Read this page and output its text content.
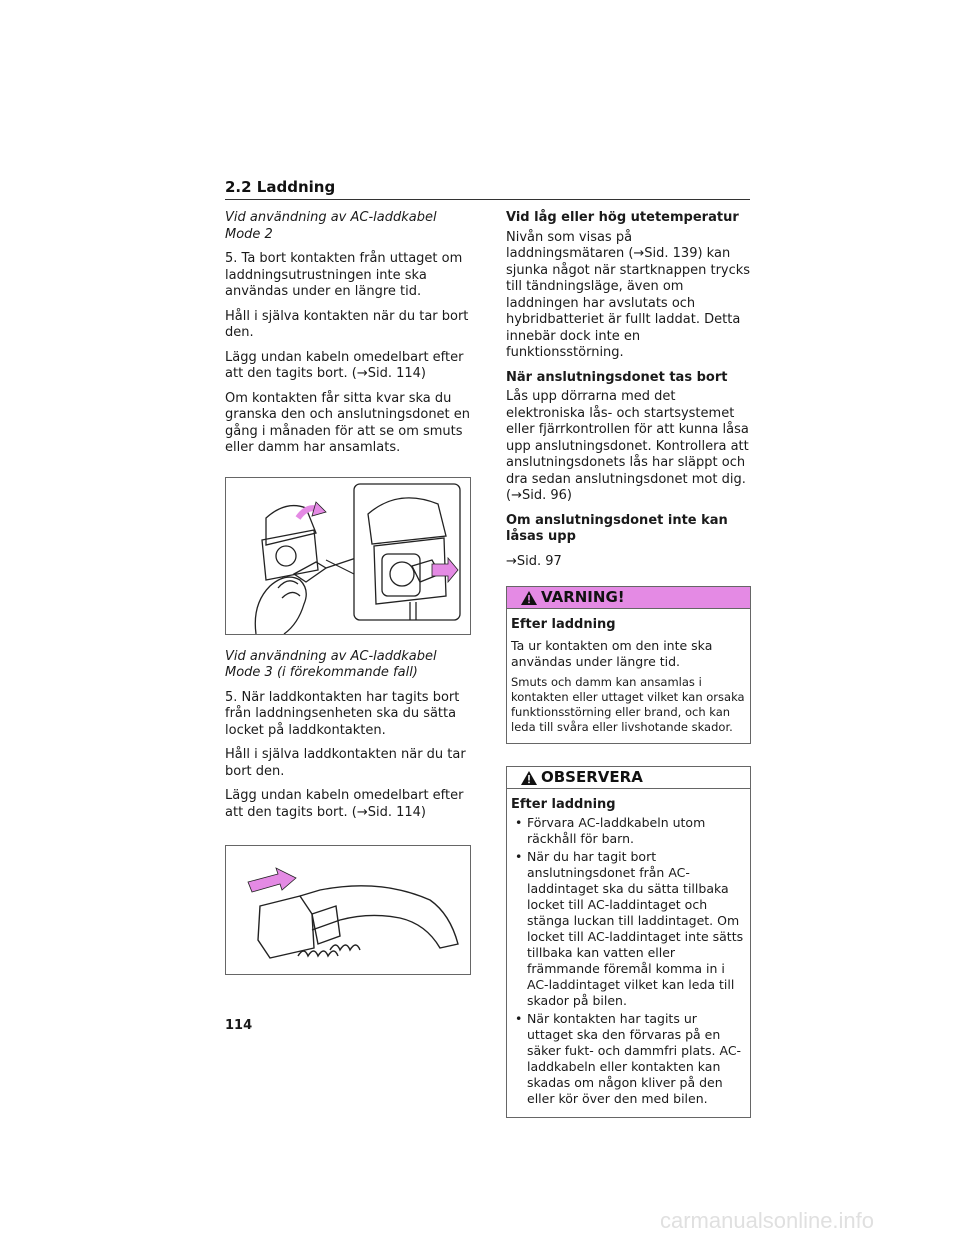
2.2 Laddning

Vid användning av AC-laddkabel Mode 2

5. Ta bort kontakten från uttaget om laddningsutrustningen inte ska användas under en längre tid.

Håll i själva kontakten när du tar bort den.

Lägg undan kabeln omedelbart efter att den tagits bort. (→Sid. 114)

Om kontakten får sitta kvar ska du granska den och anslutningsdonet en gång i månaden för att se om smuts eller damm har ansamlats.

Vid användning av AC-laddkabel Mode 3 (i förekommande fall)

5. När laddkontakten har tagits bort från laddningsenheten ska du sätta locket på laddkontakten.

Håll i själva laddkontakten när du tar bort den.

Lägg undan kabeln omedelbart efter att den tagits bort. (→Sid. 114)

Vid låg eller hög utetemperatur

Nivån som visas på laddningsmätaren (→Sid. 139) kan sjunka något när startknappen trycks till tändningsläge, även om laddningen har avslutats och hybridbatteriet är fullt laddat. Detta innebär dock inte en funktionsstörning.

När anslutningsdonet tas bort

Lås upp dörrarna med det elektroniska lås- och startsystemet eller fjärrkontrollen för att kunna låsa upp anslutningsdonet. Kontrollera att anslutningsdonets lås har släppt och dra sedan anslutningsdonet mot dig. (→Sid. 96)

Om anslutningsdonet inte kan låsas upp

→Sid. 97

VARNING!

Efter laddning

Ta ur kontakten om den inte ska användas under längre tid.

Smuts och damm kan ansamlas i kontakten eller uttaget vilket kan orsaka funktionsstörning eller brand, och kan leda till svåra eller livshotande skador.

OBSERVERA

Efter laddning

• Förvara AC-laddkabeln utom räckhåll för barn.
• När du har tagit bort anslutningsdonet från AC-laddintaget ska du sätta tillbaka locket till AC-laddintaget och stänga luckan till laddintaget. Om locket till AC-laddintaget inte sätts tillbaka kan vatten eller främmande föremål komma in i AC-laddintaget vilket kan leda till skador på bilen.
• När kontakten har tagits ur uttaget ska den förvaras på en säker fukt- och dammfri plats. AC-laddkabeln eller kontakten kan skadas om någon kliver på den eller kör över den med bilen.
114
carmanualsonline.info
